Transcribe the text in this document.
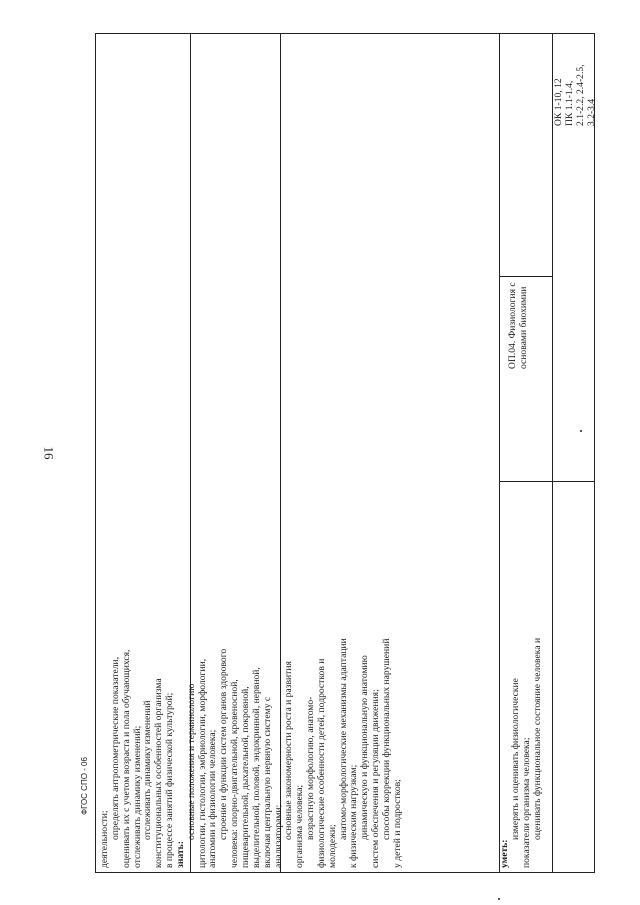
16
ФГОС СПО - 06
деятельности; определять антропометрические показатели, оценивать их с учетом возраста и пола обучающихся, отслеживать динамику изменений; отслеживать динамику изменений конституциональных особенностей организма в процессе занятий физической культурой; знать:
основные положения и терминологию цитологии, гистологии, эмбриологии, морфологии, анатомии и физиологии человека; строение и функции систем органов здорового человека: опорно-двигательной, кровеносной, пищеварительной, дыхательной, покровной, выделительной, половой, эндокринной, нервной, включая центральную нервную систему с анализаторами; основные закономерности роста и развития организма человека; возрастную морфологию, анатомо- физиологические особенности детей, подростков и молодежи;
анатомо-морфологические механизмы адаптации к физическим нагрузкам; динамическую и функциональную анатомию систем обеспечения и регуляции движения; способы коррекции функциональных нарушений у детей и подростков;	уметь:
измерять и оценивать физиологические показатели организма человека; оценивать функциональное состояние человека и
ОП.04. Физиология с основами биохимии
ОК 1-10, 12 ПК 1.1-1.4, 2.1-2.2, 2.4-2.5, 3.2-3.4
